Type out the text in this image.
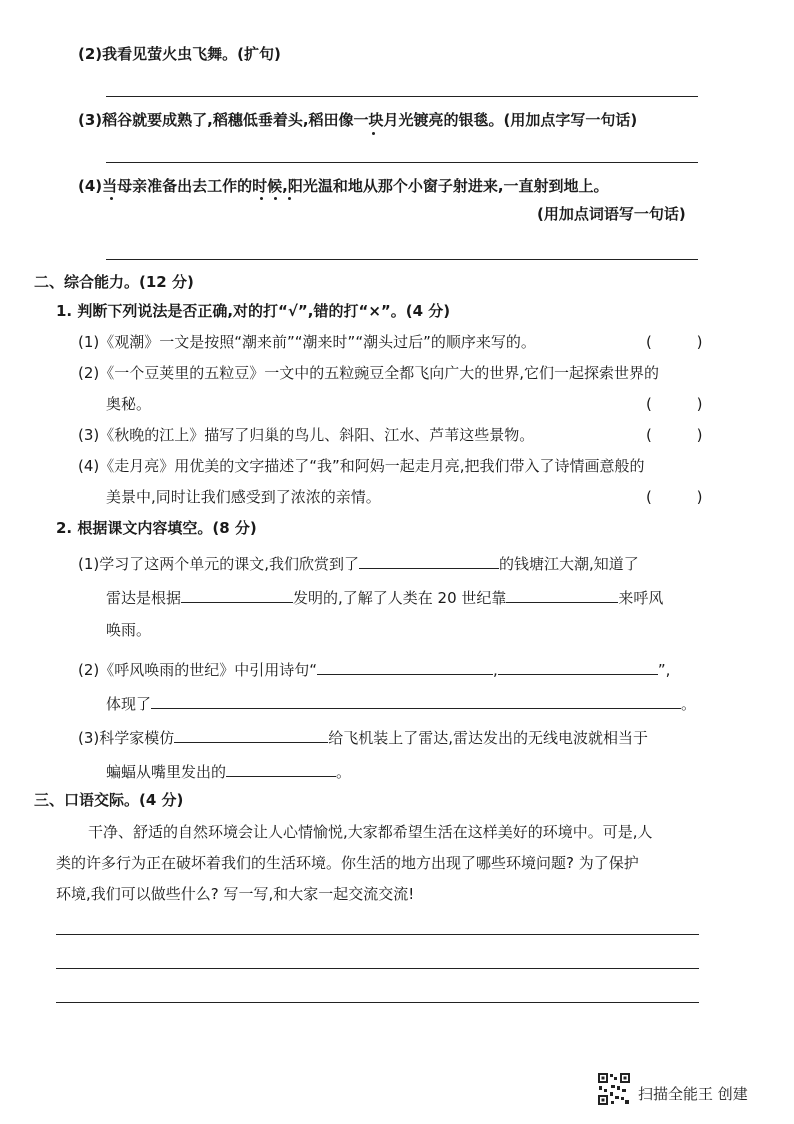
(2)我看见萤火虫飞舞。(扩句)
(3)稻谷就要成熟了,稻穗低垂着头,稻田像一块月光镀亮的银毯。(用加点字写一句话)
(4)当母亲准备出去工作的时候,阳光温和地从那个小窗子射进来,一直射到地上。
(用加点词语写一句话)
二、综合能力。(12 分)
1. 判断下列说法是否正确,对的打“√”,错的打“×”。(4 分)
(1)《观潮》一文是按照“潮来前”“潮来时”“潮头过后”的顺序来写的。	( )
(2)《一个豆荚里的五粒豆》一文中的五粒豌豆全都飞向广大的世界,它们一起探索世界的
奥秘。	( )
(3)《秋晚的江上》描写了归巢的鸟儿、斜阳、江水、芦苇这些景物。	( )
(4)《走月亮》用优美的文字描述了“我”和阿妈一起走月亮,把我们带入了诗情画意般的
美景中,同时让我们感受到了浓浓的亲情。	( )
2. 根据课文内容填空。(8 分)
(1)学习了这两个单元的课文,我们欣赏到了	的钱塘江大潮,知道了
雷达是根据	发明的,了解了人类在 20 世纪靠	来呼风
唤雨。
(2)《呼风唤雨的世纪》中引用诗句“	,	”,
体现了	。
(3)科学家模仿	给飞机装上了雷达,雷达发出的无线电波就相当于
蝙蝠从嘴里发出的	。
三、口语交际。(4 分)
干净、舒适的自然环境会让人心情愉悦,大家都希望生活在这样美好的环境中。可是,人
类的许多行为正在破坏着我们的生活环境。你生活的地方出现了哪些环境问题? 为了保护
环境,我们可以做些什么? 写一写,和大家一起交流交流!
扫描全能王 创建
